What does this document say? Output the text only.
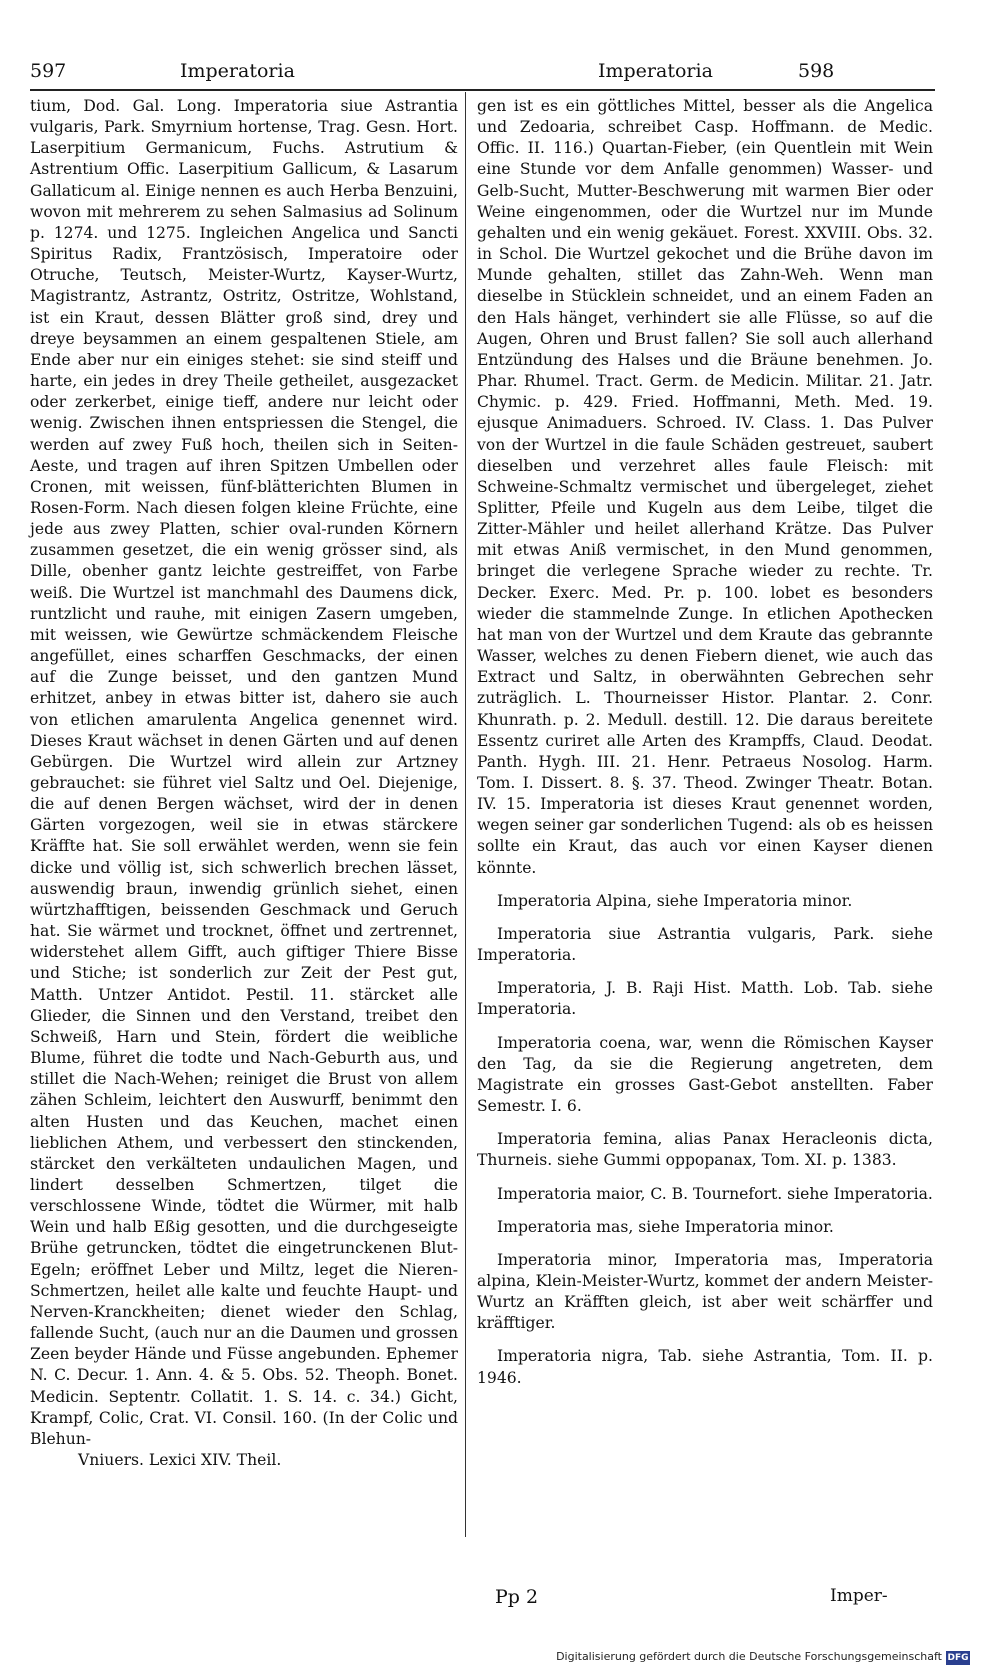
597	Imperatoria	Imperatoria	598

tium, Dod. Gal. Long. Imperatoria siue Astrantia vulgaris, Park. Smyrnium hortense, Trag. Gesn. Hort. Laserpitium Germanicum, Fuchs. Astrutium & Astrentium Offic. Laserpitium Gallicum, & Lasarum Gallaticum al. Einige nennen es auch Herba Benzuini, wovon mit mehrerem zu sehen Salmasius ad Solinum p. 1274. und 1275. Ingleichen Angelica und Sancti Spiritus Radix, Frantzösisch, Imperatoire oder Otruche, Teutsch, Meister-Wurtz, Kayser-Wurtz, Magistrantz, Astrantz, Ostritz, Ostritze, Wohlstand, ist ein Kraut, dessen Blätter groß sind, drey und dreye beysammen an einem gespaltenen Stiele, am Ende aber nur ein einiges stehet: sie sind steiff und harte, ein jedes in drey Theile getheilet, ausgezacket oder zerkerbet, einige tieff, andere nur leicht oder wenig. Zwischen ihnen entspriessen die Stengel, die werden auf zwey Fuß hoch, theilen sich in Seiten-Aeste, und tragen auf ihren Spitzen Umbellen oder Cronen, mit weissen, fünf-blätterichten Blumen in Rosen-Form. Nach diesen folgen kleine Früchte, eine jede aus zwey Platten, schier oval-runden Körnern zusammen gesetzet, die ein wenig grösser sind, als Dille, obenher gantz leichte gestreiffet, von Farbe weiß. Die Wurtzel ist manchmahl des Daumens dick, runtzlicht und rauhe, mit einigen Zasern umgeben, mit weissen, wie Gewürtze schmäckendem Fleische angefüllet, eines scharffen Geschmacks, der einen auf die Zunge beisset, und den gantzen Mund erhitzet, anbey in etwas bitter ist, dahero sie auch von etlichen amarulenta Angelica genennet wird. Dieses Kraut wächset in denen Gärten und auf denen Gebürgen. Die Wurtzel wird allein zur Artzney gebrauchet: sie führet viel Saltz und Oel. Diejenige, die auf denen Bergen wächset, wird der in denen Gärten vorgezogen, weil sie in etwas stärckere Kräffte hat. Sie soll erwählet werden, wenn sie fein dicke und völlig ist, sich schwerlich brechen lässet, auswendig braun, inwendig grünlich siehet, einen würtzhafftigen, beissenden Geschmack und Geruch hat. Sie wärmet und trocknet, öffnet und zertrennet, widerstehet allem Gifft, auch giftiger Thiere Bisse und Stiche; ist sonderlich zur Zeit der Pest gut, Matth. Untzer Antidot. Pestil. 11. stärcket alle Glieder, die Sinnen und den Verstand, treibet den Schweiß, Harn und Stein, fördert die weibliche Blume, führet die todte und Nach-Geburth aus, und stillet die Nach-Wehen; reiniget die Brust von allem zähen Schleim, leichtert den Auswurff, benimmt den alten Husten und das Keuchen, machet einen lieblichen Athem, und verbessert den stinckenden, stärcket den verkälteten undaulichen Magen, und lindert desselben Schmertzen, tilget die verschlossene Winde, tödtet die Würmer, mit halb Wein und halb Eßig gesotten, und die durchgeseigte Brühe getruncken, tödtet die eingetrunckenen Blut-Egeln; eröffnet Leber und Miltz, leget die Nieren-Schmertzen, heilet alle kalte und feuchte Haupt- und Nerven-Kranckheiten; dienet wieder den Schlag, fallende Sucht, (auch nur an die Daumen und grossen Zeen beyder Hände und Füsse angebunden. Ephemer N. C. Decur. 1. Ann. 4. & 5. Obs. 52. Theoph. Bonet. Medicin. Septentr. Collatit. 1. S. 14. c. 34.) Gicht, Krampf, Colic, Crat. VI. Consil. 160. (In der Colic und Blehun-

Vniuers. Lexici XIV. Theil.

gen ist es ein göttliches Mittel, besser als die Angelica und Zedoaria, schreibet Casp. Hoffmann. de Medic. Offic. II. 116.) Quartan-Fieber, (ein Quentlein mit Wein eine Stunde vor dem Anfalle genommen) Wasser- und Gelb-Sucht, Mutter-Beschwerung mit warmen Bier oder Weine eingenommen, oder die Wurtzel nur im Munde gehalten und ein wenig gekäuet. Forest. XXVIII. Obs. 32. in Schol. Die Wurtzel gekochet und die Brühe davon im Munde gehalten, stillet das Zahn-Weh. Wenn man dieselbe in Stücklein schneidet, und an einem Faden an den Hals hänget, verhindert sie alle Flüsse, so auf die Augen, Ohren und Brust fallen? Sie soll auch allerhand Entzündung des Halses und die Bräune benehmen. Jo. Phar. Rhumel. Tract. Germ. de Medicin. Militar. 21. Jatr. Chymic. p. 429. Fried. Hoffmanni, Meth. Med. 19. ejusque Animaduers. Schroed. IV. Class. 1. Das Pulver von der Wurtzel in die faule Schäden gestreuet, saubert dieselben und verzehret alles faule Fleisch: mit Schweine-Schmaltz vermischet und übergeleget, ziehet Splitter, Pfeile und Kugeln aus dem Leibe, tilget die Zitter-Mähler und heilet allerhand Krätze. Das Pulver mit etwas Aniß vermischet, in den Mund genommen, bringet die verlegene Sprache wieder zu rechte. Tr. Decker. Exerc. Med. Pr. p. 100. lobet es besonders wieder die stammelnde Zunge. In etlichen Apothecken hat man von der Wurtzel und dem Kraute das gebrannte Wasser, welches zu denen Fiebern dienet, wie auch das Extract und Saltz, in oberwähnten Gebrechen sehr zuträglich. L. Thourneisser Histor. Plantar. 2. Conr. Khunrath. p. 2. Medull. destill. 12. Die daraus bereitete Essentz curiret alle Arten des Krampffs, Claud. Deodat. Panth. Hygh. III. 21. Henr. Petraeus Nosolog. Harm. Tom. I. Dissert. 8. §. 37. Theod. Zwinger Theatr. Botan. IV. 15. Imperatoria ist dieses Kraut genennet worden, wegen seiner gar sonderlichen Tugend: als ob es heissen sollte ein Kraut, das auch vor einen Kayser dienen könnte.

Imperatoria Alpina, siehe Imperatoria minor.

Imperatoria siue Astrantia vulgaris, Park. siehe Imperatoria.

Imperatoria, J. B. Raji Hist. Matth. Lob. Tab. siehe Imperatoria.

Imperatoria coena, war, wenn die Römischen Kayser den Tag, da sie die Regierung angetreten, dem Magistrate ein grosses Gast-Gebot anstellten. Faber Semestr. I. 6.

Imperatoria femina, alias Panax Heracleonis dicta, Thurneis. siehe Gummi oppopanax, Tom. XI. p. 1383.

Imperatoria maior, C. B. Tournefort. siehe Imperatoria.

Imperatoria mas, siehe Imperatoria minor.

Imperatoria minor, Imperatoria mas, Imperatoria alpina, Klein-Meister-Wurtz, kommet der andern Meister-Wurtz an Kräfften gleich, ist aber weit schärffer und kräfftiger.

Imperatoria nigra, Tab. siehe Astrantia, Tom. II. p. 1946.

Pp 2	Imper-
Digitalisierung gefördert durch die Deutsche Forschungsgemeinschaft DFG
